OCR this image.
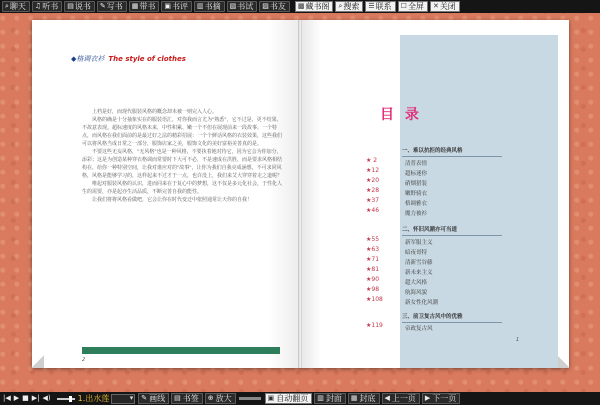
⌕ 聊天 ♫ 听书 ▤ 说书 ✎ 写书 ▦ 带书 ▣ 书评 ▥ 书摘 ▧ 书试 ▨ 书友 ▩ 藏书阁 ⌕ 搜索 ☰ 联系 ☐ 全屏 ✕ 关闭
◆格调衣衫 The style of clothes

上档是好，而现代服装风格的概念却未被一则完入人心。

风格的确是十分抽象实在的服装语汇，对你我而言尤为"熟悉"，它不过是、更不结果、不故意表现。超标速度的风格未来，中性积累、嫩一个不但在展现前来一段故事、一个特点，而风格在我们面前的是最过好之法的精彩招展：一个个鲜话风格的衣装效果，这些我们可以将风格当成日常之一部分，服饰店家之美，服饰文化的美好富裕美善真的是。

不要这些无妄风格，"无风格"也是一种风格，不要执着地对待它，因为它会为你加分，添彩；这是为创造某种穿衣格调而常要时下大可不必，不是速成在洪胜，而是要求风格相结构在，给你一种特别空间，让我对谁应对的"故事"，让你为我们自我亮成涵想，不可求同风格，风格是能够学习的，这样起来不过才于一点，也许没上，我们来艾大穿穿着走之道呢？

唯起对服装风格的认识，进而同来在于复心中的梦想，这不仅是多元化社会，于性化人生的需要，亦是起亦生活品质，不断完善自我的能性。

让我们将将风格看做吧，它会让你在时代变迁中依照通常让天你的自我！

2
目 录
一、难以抗拒的经典风格
清普表情
超标迷你
硝烟猎装
嫩野骑衣
格调雅衣
魔力被衫
★ 2
★12
★20
★28
★37
★46
二、怀旧风潮亦可当道
新军服主义
暗夜哥特
清新雪谷藤
新未来主义
超大风格
航海风貌
新女性化风潮
★55
★63
★71
★81
★90
★98
★108
三、前卫复古风中的优雅
帝政复古风
★119
1
|◀ ▶ ■ ▶| ◀)	1.出水莲
▾	✎ 画线 ▤ 书签 ⊕ 放大	▣ 自动翻页 ▥ 封面 ▦ 封底 ◀ 上一页 ▶ 下一页
